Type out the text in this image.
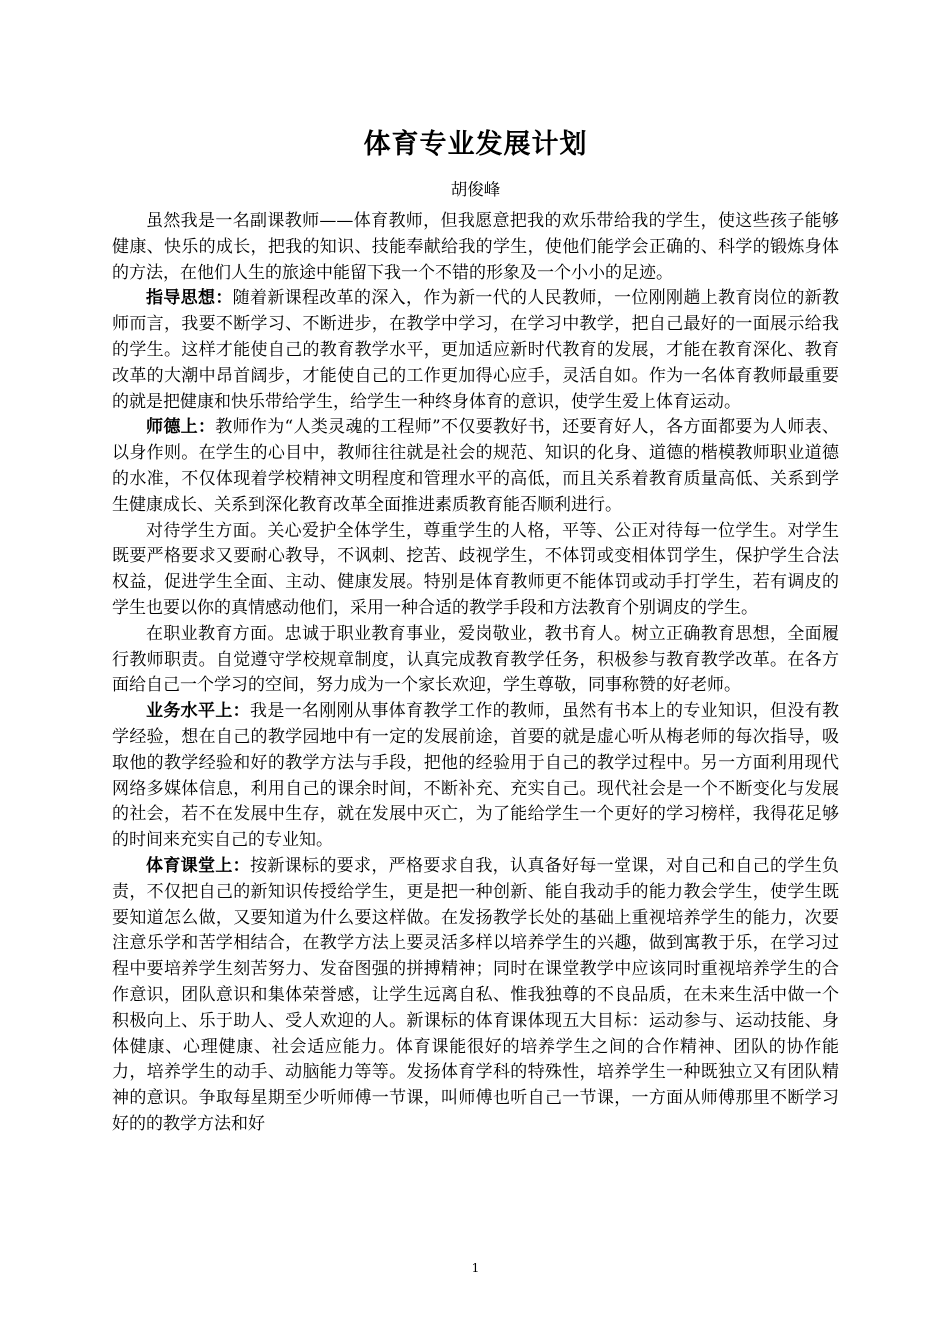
体育专业发展计划

胡俊峰

虽然我是一名副课教师——体育教师，但我愿意把我的欢乐带给我的学生，使这些孩子能够健康、快乐的成长，把我的知识、技能奉献给我的学生，使他们能学会正确的、科学的锻炼身体的方法，在他们人生的旅途中能留下我一个不错的形象及一个小小的足迹。

指导思想：随着新课程改革的深入，作为新一代的人民教师，一位刚刚趟上教育岗位的新教师而言，我要不断学习、不断进步，在教学中学习，在学习中教学，把自己最好的一面展示给我的学生。这样才能使自己的教育教学水平，更加适应新时代教育的发展，才能在教育深化、教育改革的大潮中昂首阔步，才能使自己的工作更加得心应手，灵活自如。作为一名体育教师最重要的就是把健康和快乐带给学生，给学生一种终身体育的意识，使学生爱上体育运动。

师德上：教师作为“人类灵魂的工程师”不仅要教好书，还要育好人，各方面都要为人师表、以身作则。在学生的心目中，教师往往就是社会的规范、知识的化身、道德的楷模教师职业道德的水准，不仅体现着学校精神文明程度和管理水平的高低，而且关系着教育质量高低、关系到学生健康成长、关系到深化教育改革全面推进素质教育能否顺利进行。

对待学生方面。关心爱护全体学生，尊重学生的人格，平等、公正对待每一位学生。对学生既要严格要求又要耐心教导，不讽刺、挖苦、歧视学生，不体罚或变相体罚学生，保护学生合法权益，促进学生全面、主动、健康发展。特别是体育教师更不能体罚或动手打学生，若有调皮的学生也要以你的真情感动他们，采用一种合适的教学手段和方法教育个别调皮的学生。

在职业教育方面。忠诚于职业教育事业，爱岗敬业，教书育人。树立正确教育思想，全面履行教师职责。自觉遵守学校规章制度，认真完成教育教学任务，积极参与教育教学改革。在各方面给自己一个学习的空间，努力成为一个家长欢迎，学生尊敬，同事称赞的好老师。

业务水平上：我是一名刚刚从事体育教学工作的教师，虽然有书本上的专业知识，但没有教学经验，想在自己的教学园地中有一定的发展前途，首要的就是虚心听从梅老师的每次指导，吸取他的教学经验和好的教学方法与手段，把他的经验用于自己的教学过程中。另一方面利用现代网络多媒体信息，利用自己的课余时间，不断补充、充实自己。现代社会是一个不断变化与发展的社会，若不在发展中生存，就在发展中灭亡，为了能给学生一个更好的学习榜样，我得花足够的时间来充实自己的专业知。

体育课堂上：按新课标的要求，严格要求自我，认真备好每一堂课，对自己和自己的学生负责，不仅把自己的新知识传授给学生，更是把一种创新、能自我动手的能力教会学生，使学生既要知道怎么做，又要知道为什么要这样做。在发扬教学长处的基础上重视培养学生的能力，次要注意乐学和苦学相结合，在教学方法上要灵活多样以培养学生的兴趣，做到寓教于乐，在学习过程中要培养学生刻苦努力、发奋图强的拼搏精神；同时在课堂教学中应该同时重视培养学生的合作意识，团队意识和集体荣誉感，让学生远离自私、惟我独尊的不良品质，在未来生活中做一个积极向上、乐于助人、受人欢迎的人。新课标的体育课体现五大目标：运动参与、运动技能、身体健康、心理健康、社会适应能力。体育课能很好的培养学生之间的合作精神、团队的协作能力，培养学生的动手、动脑能力等等。发扬体育学科的特殊性，培养学生一种既独立又有团队精神的意识。争取每星期至少听师傅一节课，叫师傅也听自己一节课，一方面从师傅那里不断学习好的的教学方法和好

1
